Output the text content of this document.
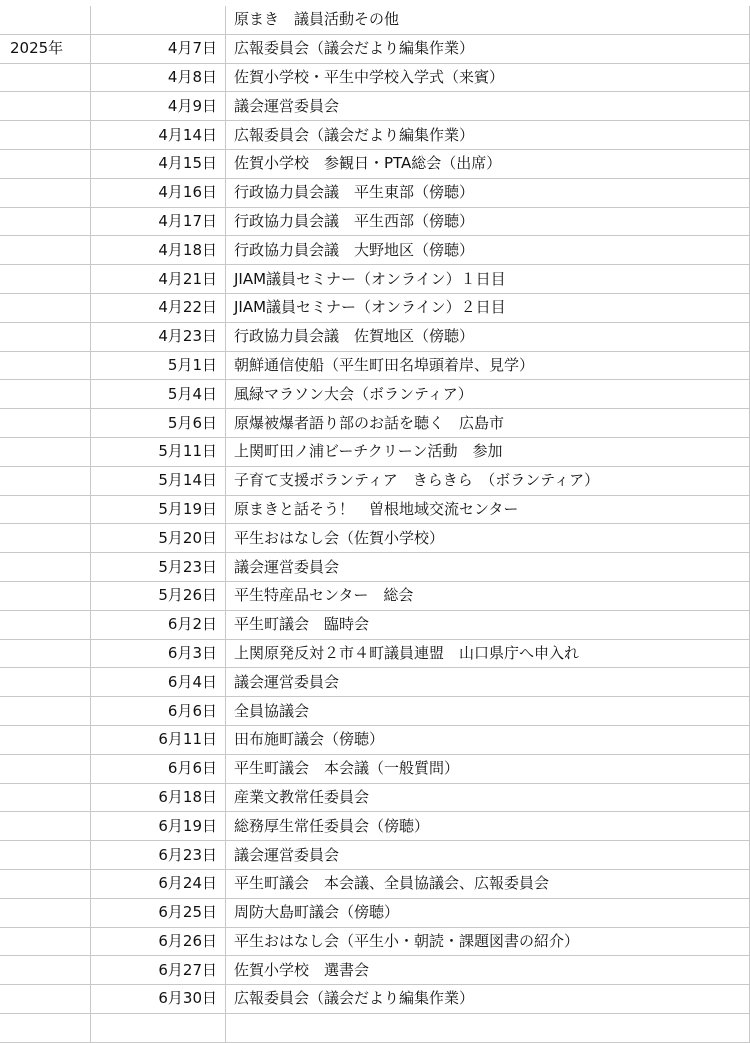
		原まき　議員活動その他
2025年	4月7日	広報委員会（議会だより編集作業）
	4月8日	佐賀小学校・平生中学校入学式（来賓）
	4月9日	議会運営委員会
	4月14日	広報委員会（議会だより編集作業）
	4月15日	佐賀小学校　参観日・PTA総会（出席）
	4月16日	行政協力員会議　平生東部（傍聴）
	4月17日	行政協力員会議　平生西部（傍聴）
	4月18日	行政協力員会議　大野地区（傍聴）
	4月21日	JIAM議員セミナー（オンライン）１日目
	4月22日	JIAM議員セミナー（オンライン）２日目
	4月23日	行政協力員会議　佐賀地区（傍聴）
	5月1日	朝鮮通信使船（平生町田名埠頭着岸、見学）
	5月4日	風緑マラソン大会（ボランティア）
	5月6日	原爆被爆者語り部のお話を聴く　広島市
	5月11日	上関町田ノ浦ビーチクリーン活動　参加
	5月14日	子育て支援ボランティア　きらきら　（ボランティア）
	5月19日	原まきと話そう！　曽根地域交流センター
	5月20日	平生おはなし会（佐賀小学校）
	5月23日	議会運営委員会
	5月26日	平生特産品センター　総会
	6月2日	平生町議会　臨時会
	6月3日	上関原発反対２市４町議員連盟　山口県庁へ申入れ
	6月4日	議会運営委員会
	6月6日	全員協議会
	6月11日	田布施町議会（傍聴）
	6月6日	平生町議会　本会議（一般質問）
	6月18日	産業文教常任委員会
	6月19日	総務厚生常任委員会（傍聴）
	6月23日	議会運営委員会
	6月24日	平生町議会　本会議、全員協議会、広報委員会
	6月25日	周防大島町議会（傍聴）
	6月26日	平生おはなし会（平生小・朝読・課題図書の紹介）
	6月27日	佐賀小学校　選書会
	6月30日	広報委員会（議会だより編集作業）
